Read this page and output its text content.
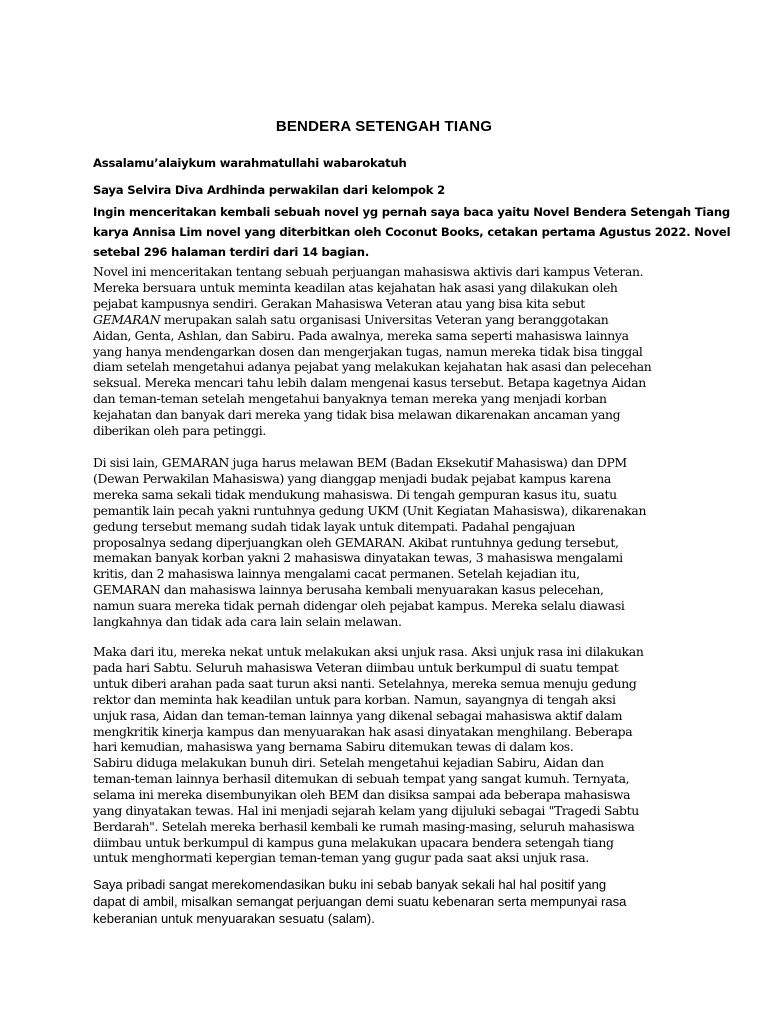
BENDERA SETENGAH TIANG
Assalamu’alaiykum warahmatullahi wabarokatuh
Saya Selvira Diva Ardhinda perwakilan dari kelompok 2
Ingin menceritakan kembali sebuah novel yg pernah saya baca yaitu Novel Bendera Setengah Tiang
karya Annisa Lim novel yang diterbitkan oleh Coconut Books, cetakan pertama Agustus 2022. Novel
setebal 296 halaman terdiri dari 14 bagian.
Novel ini menceritakan tentang sebuah perjuangan mahasiswa aktivis dari kampus Veteran.
Mereka bersuara untuk meminta keadilan atas kejahatan hak asasi yang dilakukan oleh
pejabat kampusnya sendiri. Gerakan Mahasiswa Veteran atau yang bisa kita sebut
GEMARAN merupakan salah satu organisasi Universitas Veteran yang beranggotakan
Aidan, Genta, Ashlan, dan Sabiru. Pada awalnya, mereka sama seperti mahasiswa lainnya
yang hanya mendengarkan dosen dan mengerjakan tugas, namun mereka tidak bisa tinggal
diam setelah mengetahui adanya pejabat yang melakukan kejahatan hak asasi dan pelecehan
seksual. Mereka mencari tahu lebih dalam mengenai kasus tersebut. Betapa kagetnya Aidan
dan teman-teman setelah mengetahui banyaknya teman mereka yang menjadi korban
kejahatan dan banyak dari mereka yang tidak bisa melawan dikarenakan ancaman yang
diberikan oleh para petinggi.
Di sisi lain, GEMARAN juga harus melawan BEM (Badan Eksekutif Mahasiswa) dan DPM
(Dewan Perwakilan Mahasiswa) yang dianggap menjadi budak pejabat kampus karena
mereka sama sekali tidak mendukung mahasiswa. Di tengah gempuran kasus itu, suatu
pemantik lain pecah yakni runtuhnya gedung UKM (Unit Kegiatan Mahasiswa), dikarenakan
gedung tersebut memang sudah tidak layak untuk ditempati. Padahal pengajuan
proposalnya sedang diperjuangkan oleh GEMARAN. Akibat runtuhnya gedung tersebut,
memakan banyak korban yakni 2 mahasiswa dinyatakan tewas, 3 mahasiswa mengalami
kritis, dan 2 mahasiswa lainnya mengalami cacat permanen. Setelah kejadian itu,
GEMARAN dan mahasiswa lainnya berusaha kembali menyuarakan kasus pelecehan,
namun suara mereka tidak pernah didengar oleh pejabat kampus. Mereka selalu diawasi
langkahnya dan tidak ada cara lain selain melawan.
Maka dari itu, mereka nekat untuk melakukan aksi unjuk rasa. Aksi unjuk rasa ini dilakukan
pada hari Sabtu. Seluruh mahasiswa Veteran diimbau untuk berkumpul di suatu tempat
untuk diberi arahan pada saat turun aksi nanti. Setelahnya, mereka semua menuju gedung
rektor dan meminta hak keadilan untuk para korban. Namun, sayangnya di tengah aksi
unjuk rasa, Aidan dan teman-teman lainnya yang dikenal sebagai mahasiswa aktif dalam
mengkritik kinerja kampus dan menyuarakan hak asasi dinyatakan menghilang. Beberapa
hari kemudian, mahasiswa yang bernama Sabiru ditemukan tewas di dalam kos.
Sabiru diduga melakukan bunuh diri. Setelah mengetahui kejadian Sabiru, Aidan dan
teman-teman lainnya berhasil ditemukan di sebuah tempat yang sangat kumuh. Ternyata,
selama ini mereka disembunyikan oleh BEM dan disiksa sampai ada beberapa mahasiswa
yang dinyatakan tewas. Hal ini menjadi sejarah kelam yang dijuluki sebagai "Tragedi Sabtu
Berdarah". Setelah mereka berhasil kembali ke rumah masing-masing, seluruh mahasiswa
diimbau untuk berkumpul di kampus guna melakukan upacara bendera setengah tiang
untuk menghormati kepergian teman-teman yang gugur pada saat aksi unjuk rasa.
Saya pribadi sangat merekomendasikan buku ini sebab banyak sekali hal hal positif yang
dapat di ambil, misalkan semangat perjuangan demi suatu kebenaran serta mempunyai rasa
keberanian untuk menyuarakan sesuatu (salam).
